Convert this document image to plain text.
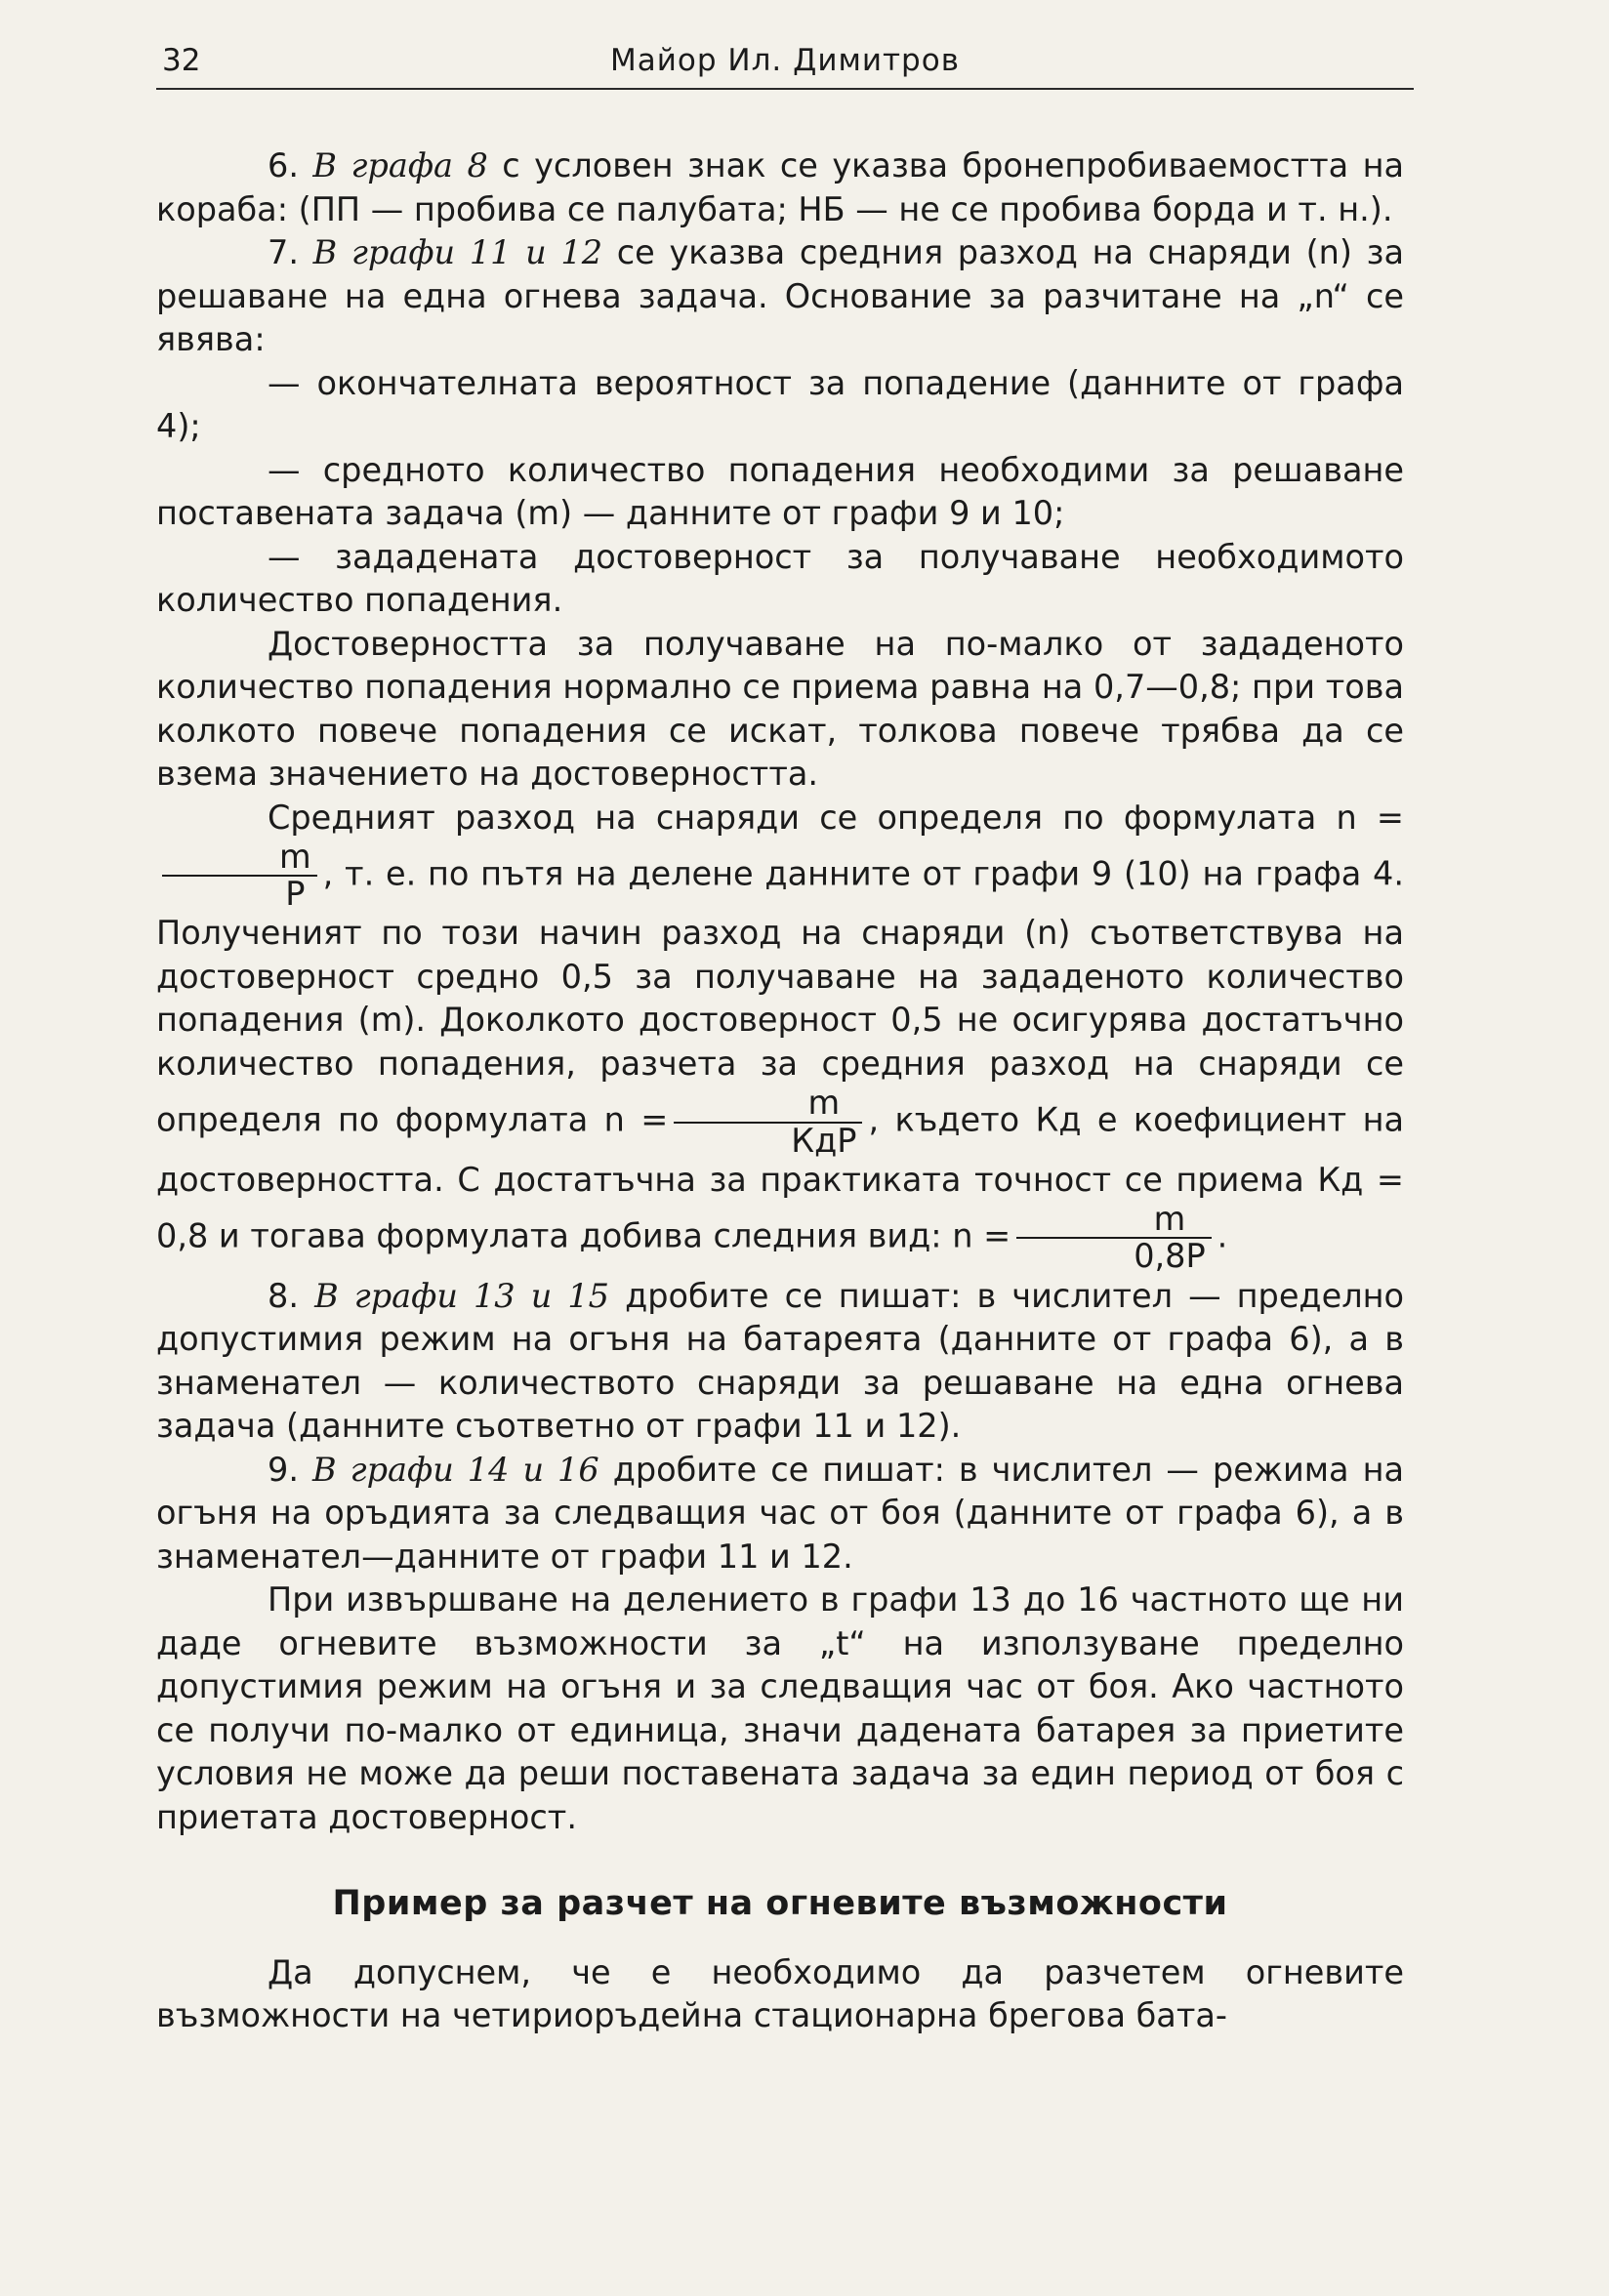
32	Майор Ил. Димитров

6. В графа 8 с условен знак се указва бронепробиваемостта на кораба: (ПП — пробива се палубата; НБ — не се пробива борда и т. н.).

7. В графи 11 и 12 се указва средния разход на снаряди (n) за решаване на една огнева задача. Основание за разчитане на „n“ се явява:

— окончателната вероятност за попадение (данните от графа 4);

— средното количество попадения необходими за решаване поставената задача (m) — данните от графи 9 и 10;

— зададената достоверност за получаване необходимото количество попадения.

Достоверността за получаване на по-малко от зададеното количество попадения нормално се приема равна на 0,7—0,8; при това колкото повече попадения се искат, толкова повече трябва да се взема значението на достоверността.

Средният разход на снаряди се определя по формулата n =
$\frac{m}{P}$ , т. е. по пътя на делене данните от графи 9 (10) на графа 4. Полученият по този начин разход на снаряди (n) съответствува на достоверност средно 0,5 за получаване на зададеното количество попадения (m). Доколкото достоверност 0,5 не осигурява достатъчно количество попадения, разчета за средния разход на снаряди се определя по формулата $n = \frac{m}{\text{КдP}}$ , където Кд е коефициент на достоверността. С достатъчна за практиката точност се приема Кд = 0,8 и тогава формулата добива следния вид: $n = \frac{m}{0,8P}$ .

8. В графи 13 и 15 дробите се пишат: в числител — пределно допустимия режим на огъня на батареята (данните от графа 6), а в знаменател — количеството снаряди за решаване на една огнева задача (данните съответно от графи 11 и 12).

9. В графи 14 и 16 дробите се пишат: в числител — режима на огъня на оръдията за следващия час от боя (данните от графа 6), а в знаменател—данните от графи 11 и 12.

При извършване на делението в графи 13 до 16 частното ще ни даде огневите възможности за „t“ на използуване пределно допустимия режим на огъня и за следващия час от боя. Ако частното се получи по-малко от единица, значи дадената батарея за приетите условия не може да реши поставената задача за един период от боя с приетата достоверност.

Пример за разчет на огневите възможности

Да допуснем, че е необходимо да разчетем огневите възможности на четириоръдейна стационарна брегова бата-
